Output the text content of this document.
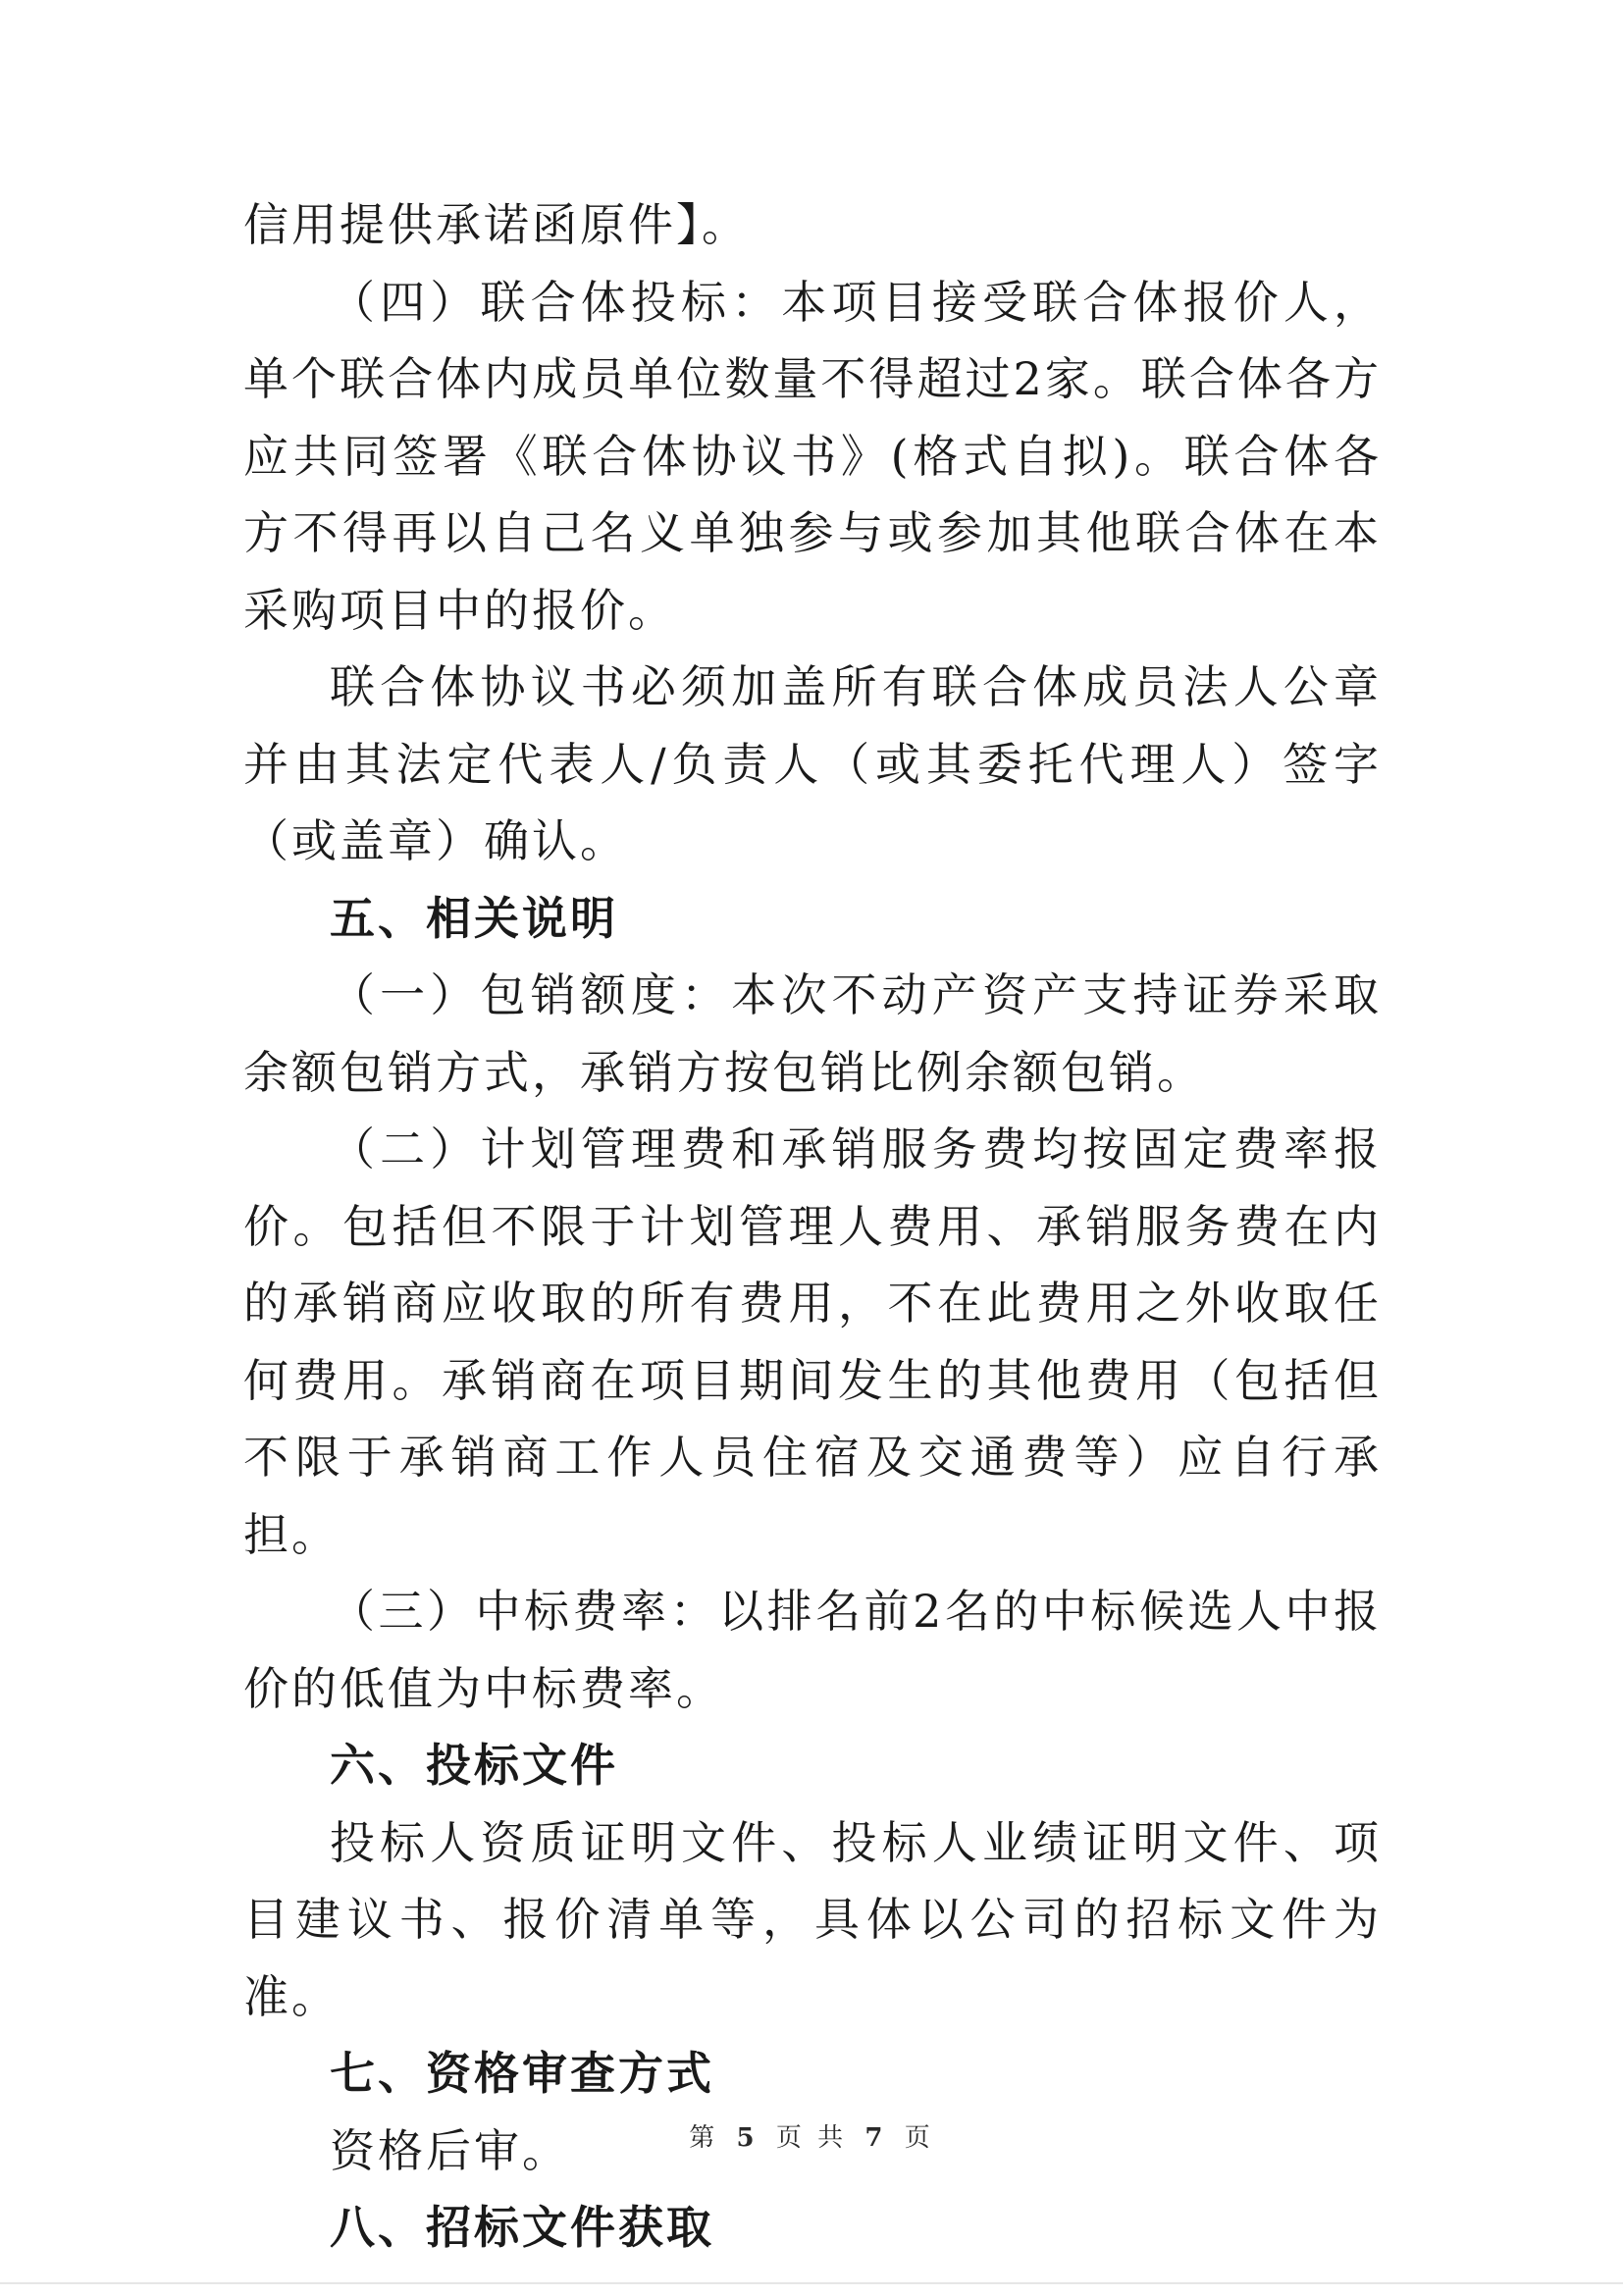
信用提供承诺函原件】。

（四）联合体投标：本项目接受联合体报价人，单个联合体内成员单位数量不得超过2家。联合体各方应共同签署《联合体协议书》(格式自拟)。联合体各方不得再以自己名义单独参与或参加其他联合体在本采购项目中的报价。

联合体协议书必须加盖所有联合体成员法人公章并由其法定代表人/负责人（或其委托代理人）签字（或盖章）确认。

五、相关说明

（一）包销额度：本次不动产资产支持证券采取余额包销方式，承销方按包销比例余额包销。

（二）计划管理费和承销服务费均按固定费率报价。包括但不限于计划管理人费用、承销服务费在内的承销商应收取的所有费用，不在此费用之外收取任何费用。承销商在项目期间发生的其他费用（包括但不限于承销商工作人员住宿及交通费等）应自行承担。

（三）中标费率：以排名前2名的中标候选人中报价的低值为中标费率。

六、投标文件

投标人资质证明文件、投标人业绩证明文件、项目建议书、报价清单等，具体以公司的招标文件为准。

七、资格审查方式

资格后审。

八、招标文件获取
第 5 页 共 7 页
